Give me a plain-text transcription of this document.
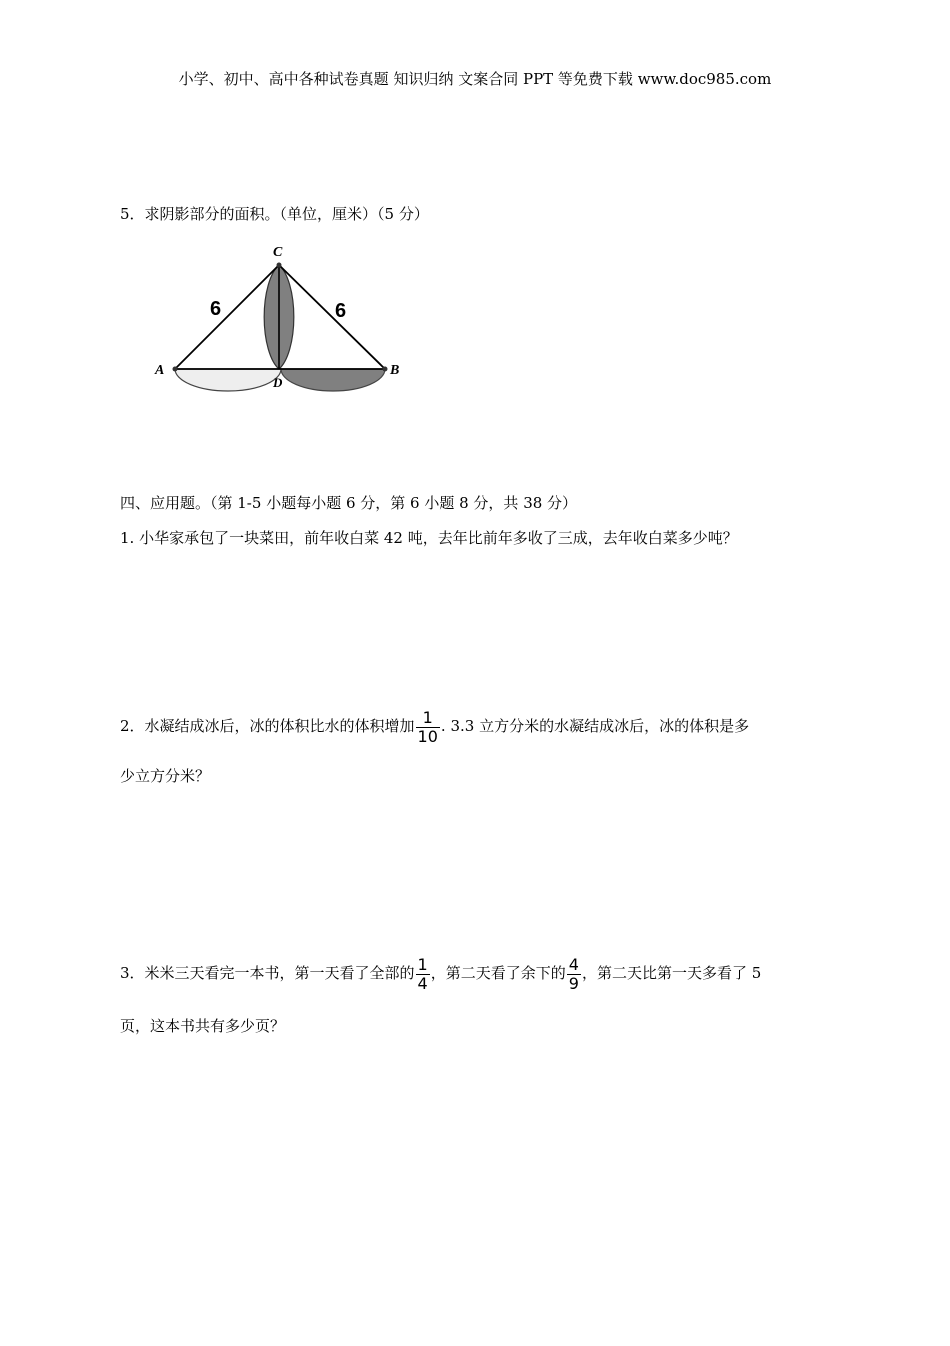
小学、初中、高中各种试卷真题 知识归纳 文案合同 PPT 等免费下载 www.doc985.com
5．求阴影部分的面积。（单位，厘米）（5 分）
C
A	B
D
6	6
四、应用题。（第 1-5 小题每小题 6 分，第 6 小题 8 分，共 38 分）
1. 小华家承包了一块菜田，前年收白菜 42 吨，去年比前年多收了三成，去年收白菜多少吨？
2．水凝结成冰后，冰的体积比水的体积增加 $\frac{1}{10}$ . 3.3 立方分米的水凝结成冰后，冰的体积是多
少立方分米？
3．米米三天看完一本书，第一天看了全部的 $\frac{1}{4}$ ，第二天看了余下的 $\frac{4}{9}$ ，第二天比第一天多看了 5
页，这本书共有多少页？
